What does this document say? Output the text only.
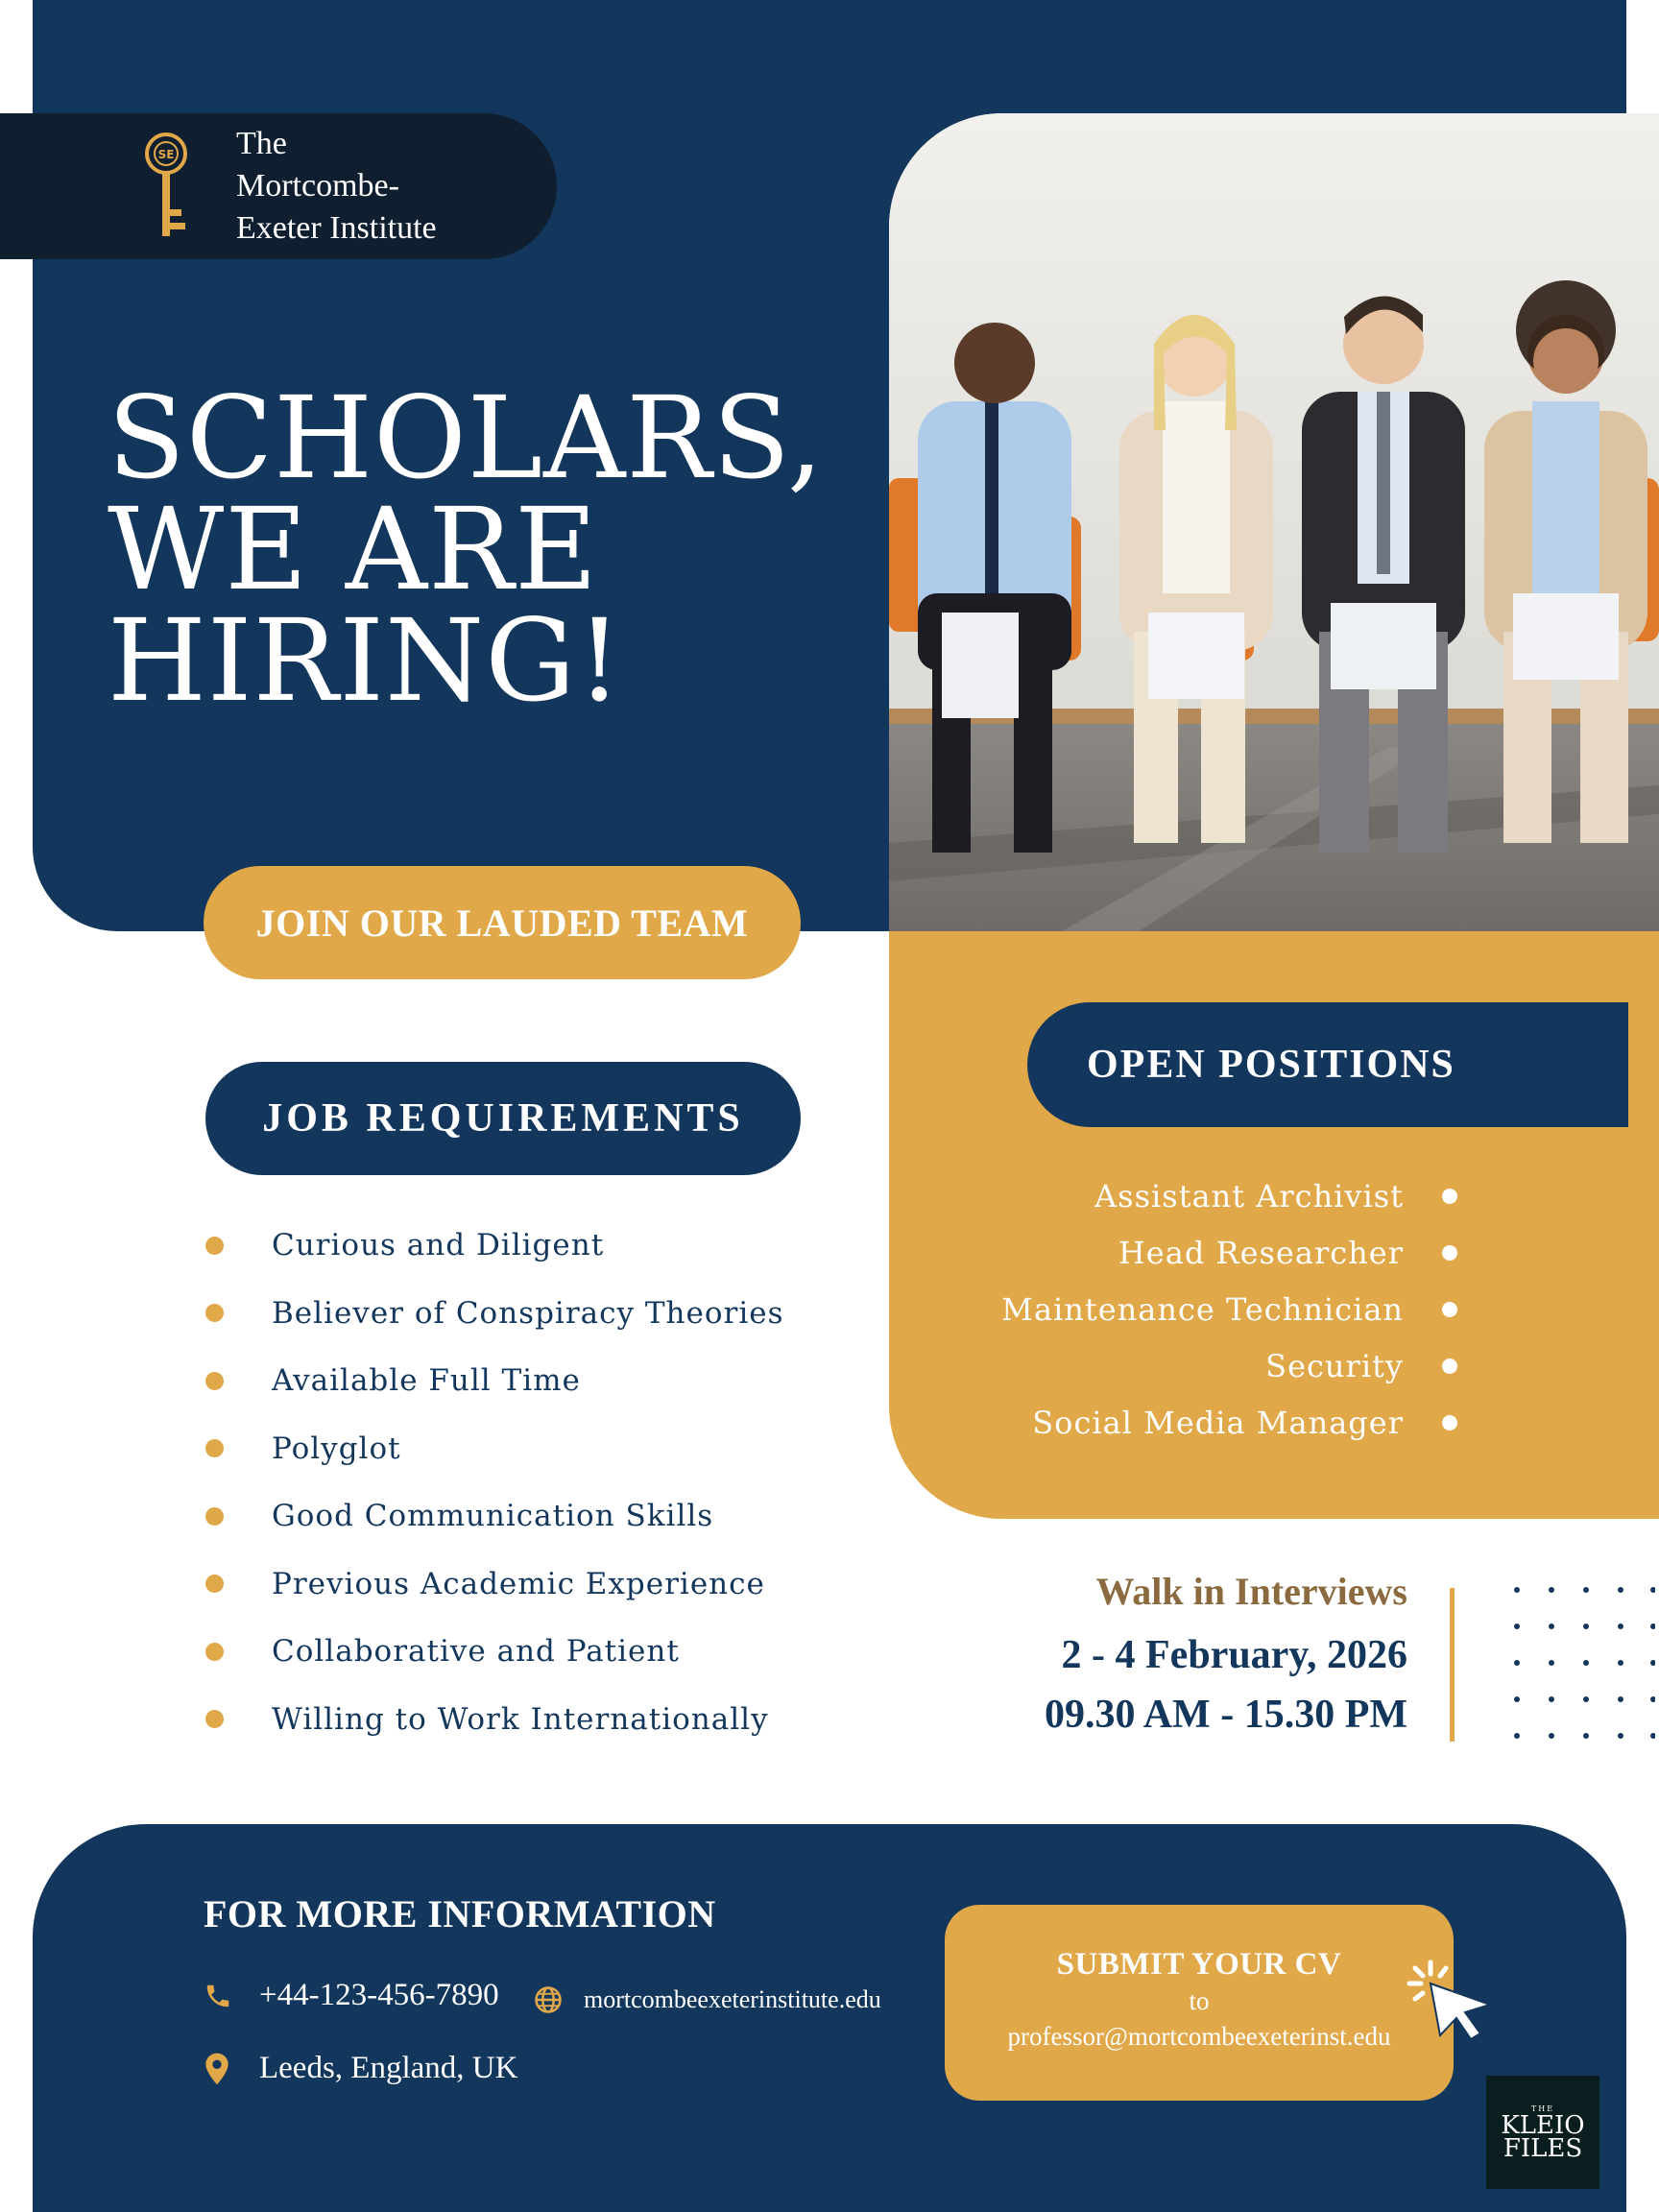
SE The
Mortcombe-
Exeter Institute
SCHOLARS,
WE ARE
HIRING!
JOIN OUR LAUDED TEAM
OPEN POSITIONS
Assistant Archivist
Head Researcher
Maintenance Technician
Security
Social Media Manager
JOB REQUIREMENTS
Curious and Diligent
Believer of Conspiracy Theories
Available Full Time
Polyglot
Good Communication Skills
Previous Academic Experience
Collaborative and Patient
Willing to Work Internationally
Walk in Interviews
2 - 4 February, 2026
09.30 AM - 15.30 PM
FOR MORE INFORMATION
+44-123-456-7890	mortcombeexeterinstitute.edu
Leeds, England, UK
SUBMIT YOUR CV
to
professor@mortcombeexeterinst.edu
THE
KLEIO
FILES
